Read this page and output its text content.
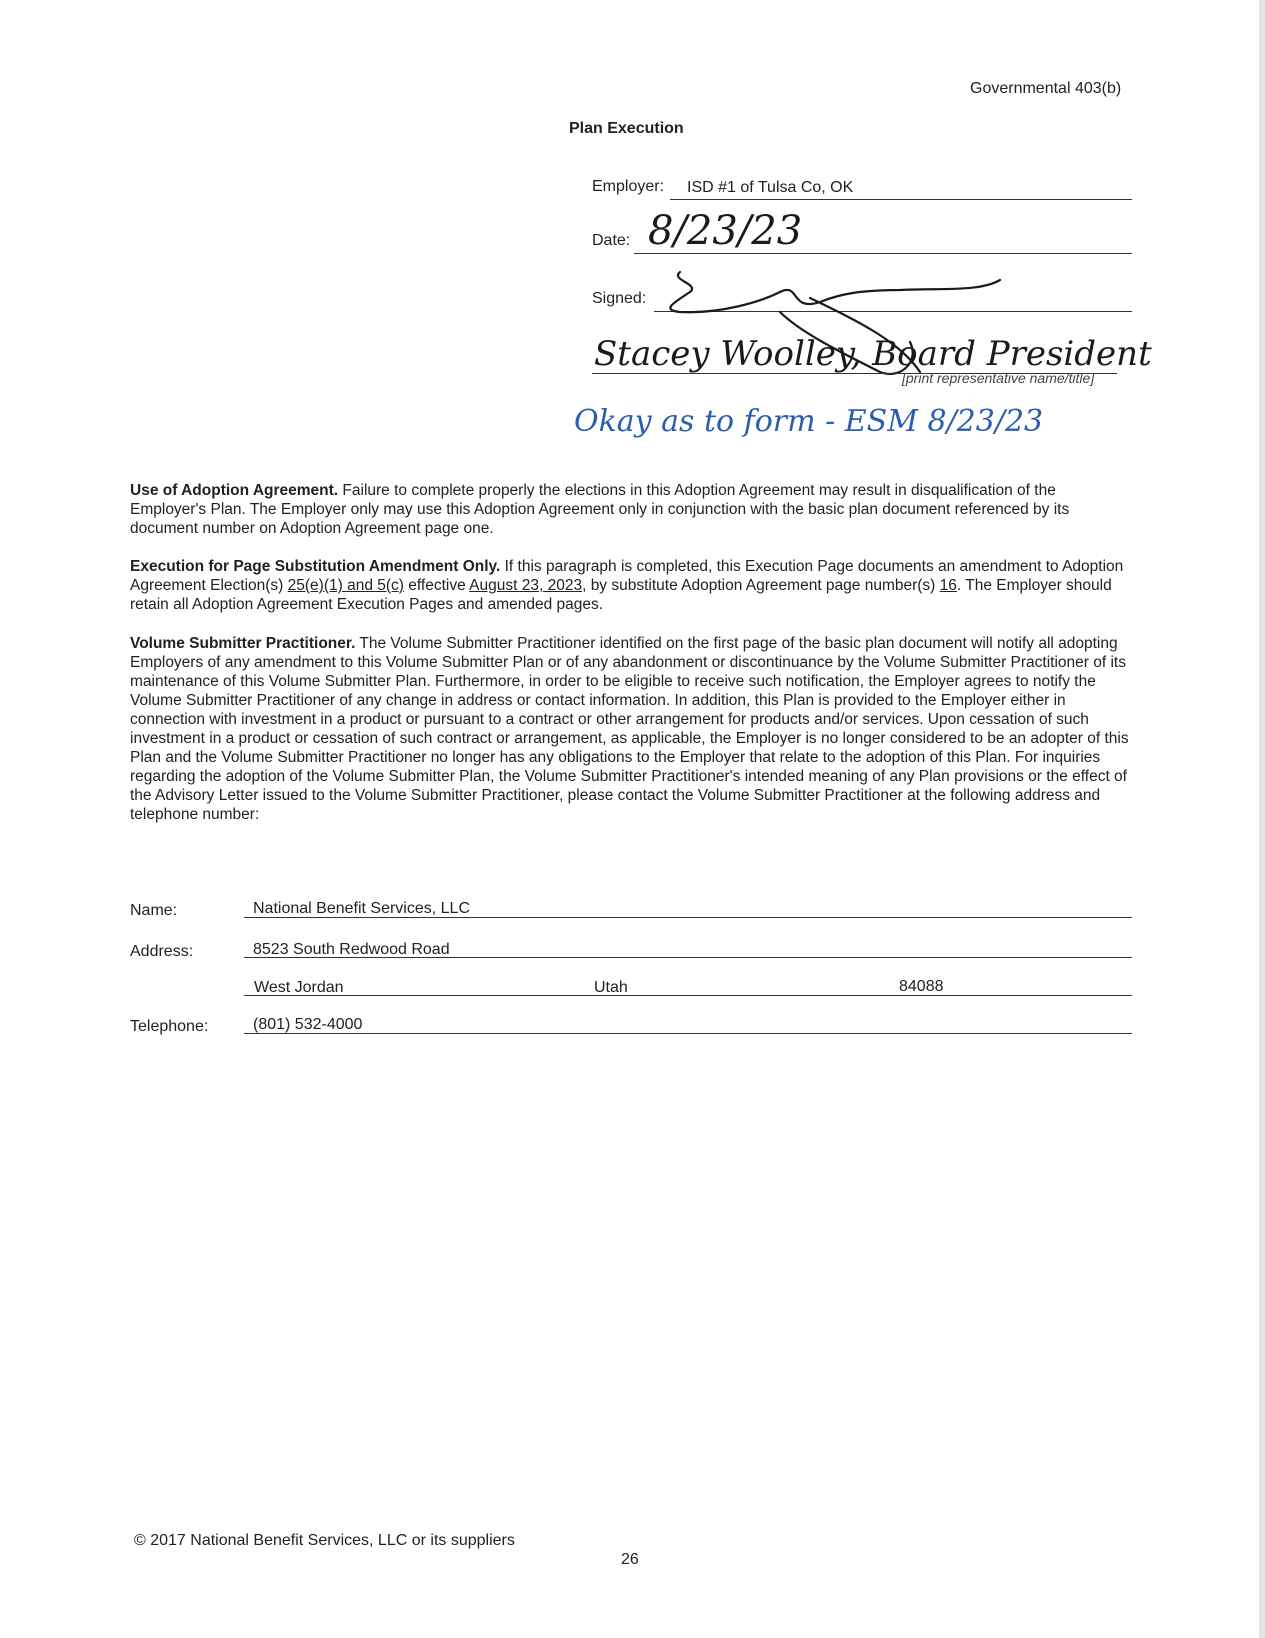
Governmental 403(b)
Plan Execution
Employer: ISD #1 of Tulsa Co, OK
Date: 8/23/23
Signed:
Stacey Woolley, Board President
[print representative name/title]
Okay as to form - ESM 8/23/23
Use of Adoption Agreement. Failure to complete properly the elections in this Adoption Agreement may result in disqualification of the Employer's Plan. The Employer only may use this Adoption Agreement only in conjunction with the basic plan document referenced by its document number on Adoption Agreement page one.
Execution for Page Substitution Amendment Only. If this paragraph is completed, this Execution Page documents an amendment to Adoption Agreement Election(s) 25(e)(1) and 5(c) effective August 23, 2023, by substitute Adoption Agreement page number(s) 16. The Employer should retain all Adoption Agreement Execution Pages and amended pages.
Volume Submitter Practitioner. The Volume Submitter Practitioner identified on the first page of the basic plan document will notify all adopting Employers of any amendment to this Volume Submitter Plan or of any abandonment or discontinuance by the Volume Submitter Practitioner of its maintenance of this Volume Submitter Plan. Furthermore, in order to be eligible to receive such notification, the Employer agrees to notify the Volume Submitter Practitioner of any change in address or contact information. In addition, this Plan is provided to the Employer either in connection with investment in a product or pursuant to a contract or other arrangement for products and/or services. Upon cessation of such investment in a product or cessation of such contract or arrangement, as applicable, the Employer is no longer considered to be an adopter of this Plan and the Volume Submitter Practitioner no longer has any obligations to the Employer that relate to the adoption of this Plan. For inquiries regarding the adoption of the Volume Submitter Plan, the Volume Submitter Practitioner's intended meaning of any Plan provisions or the effect of the Advisory Letter issued to the Volume Submitter Practitioner, please contact the Volume Submitter Practitioner at the following address and telephone number:
Name:	National Benefit Services, LLC
Address:	8523 South Redwood Road
West Jordan	Utah	84088
Telephone:	(801) 532-4000
© 2017 National Benefit Services, LLC or its suppliers
26
